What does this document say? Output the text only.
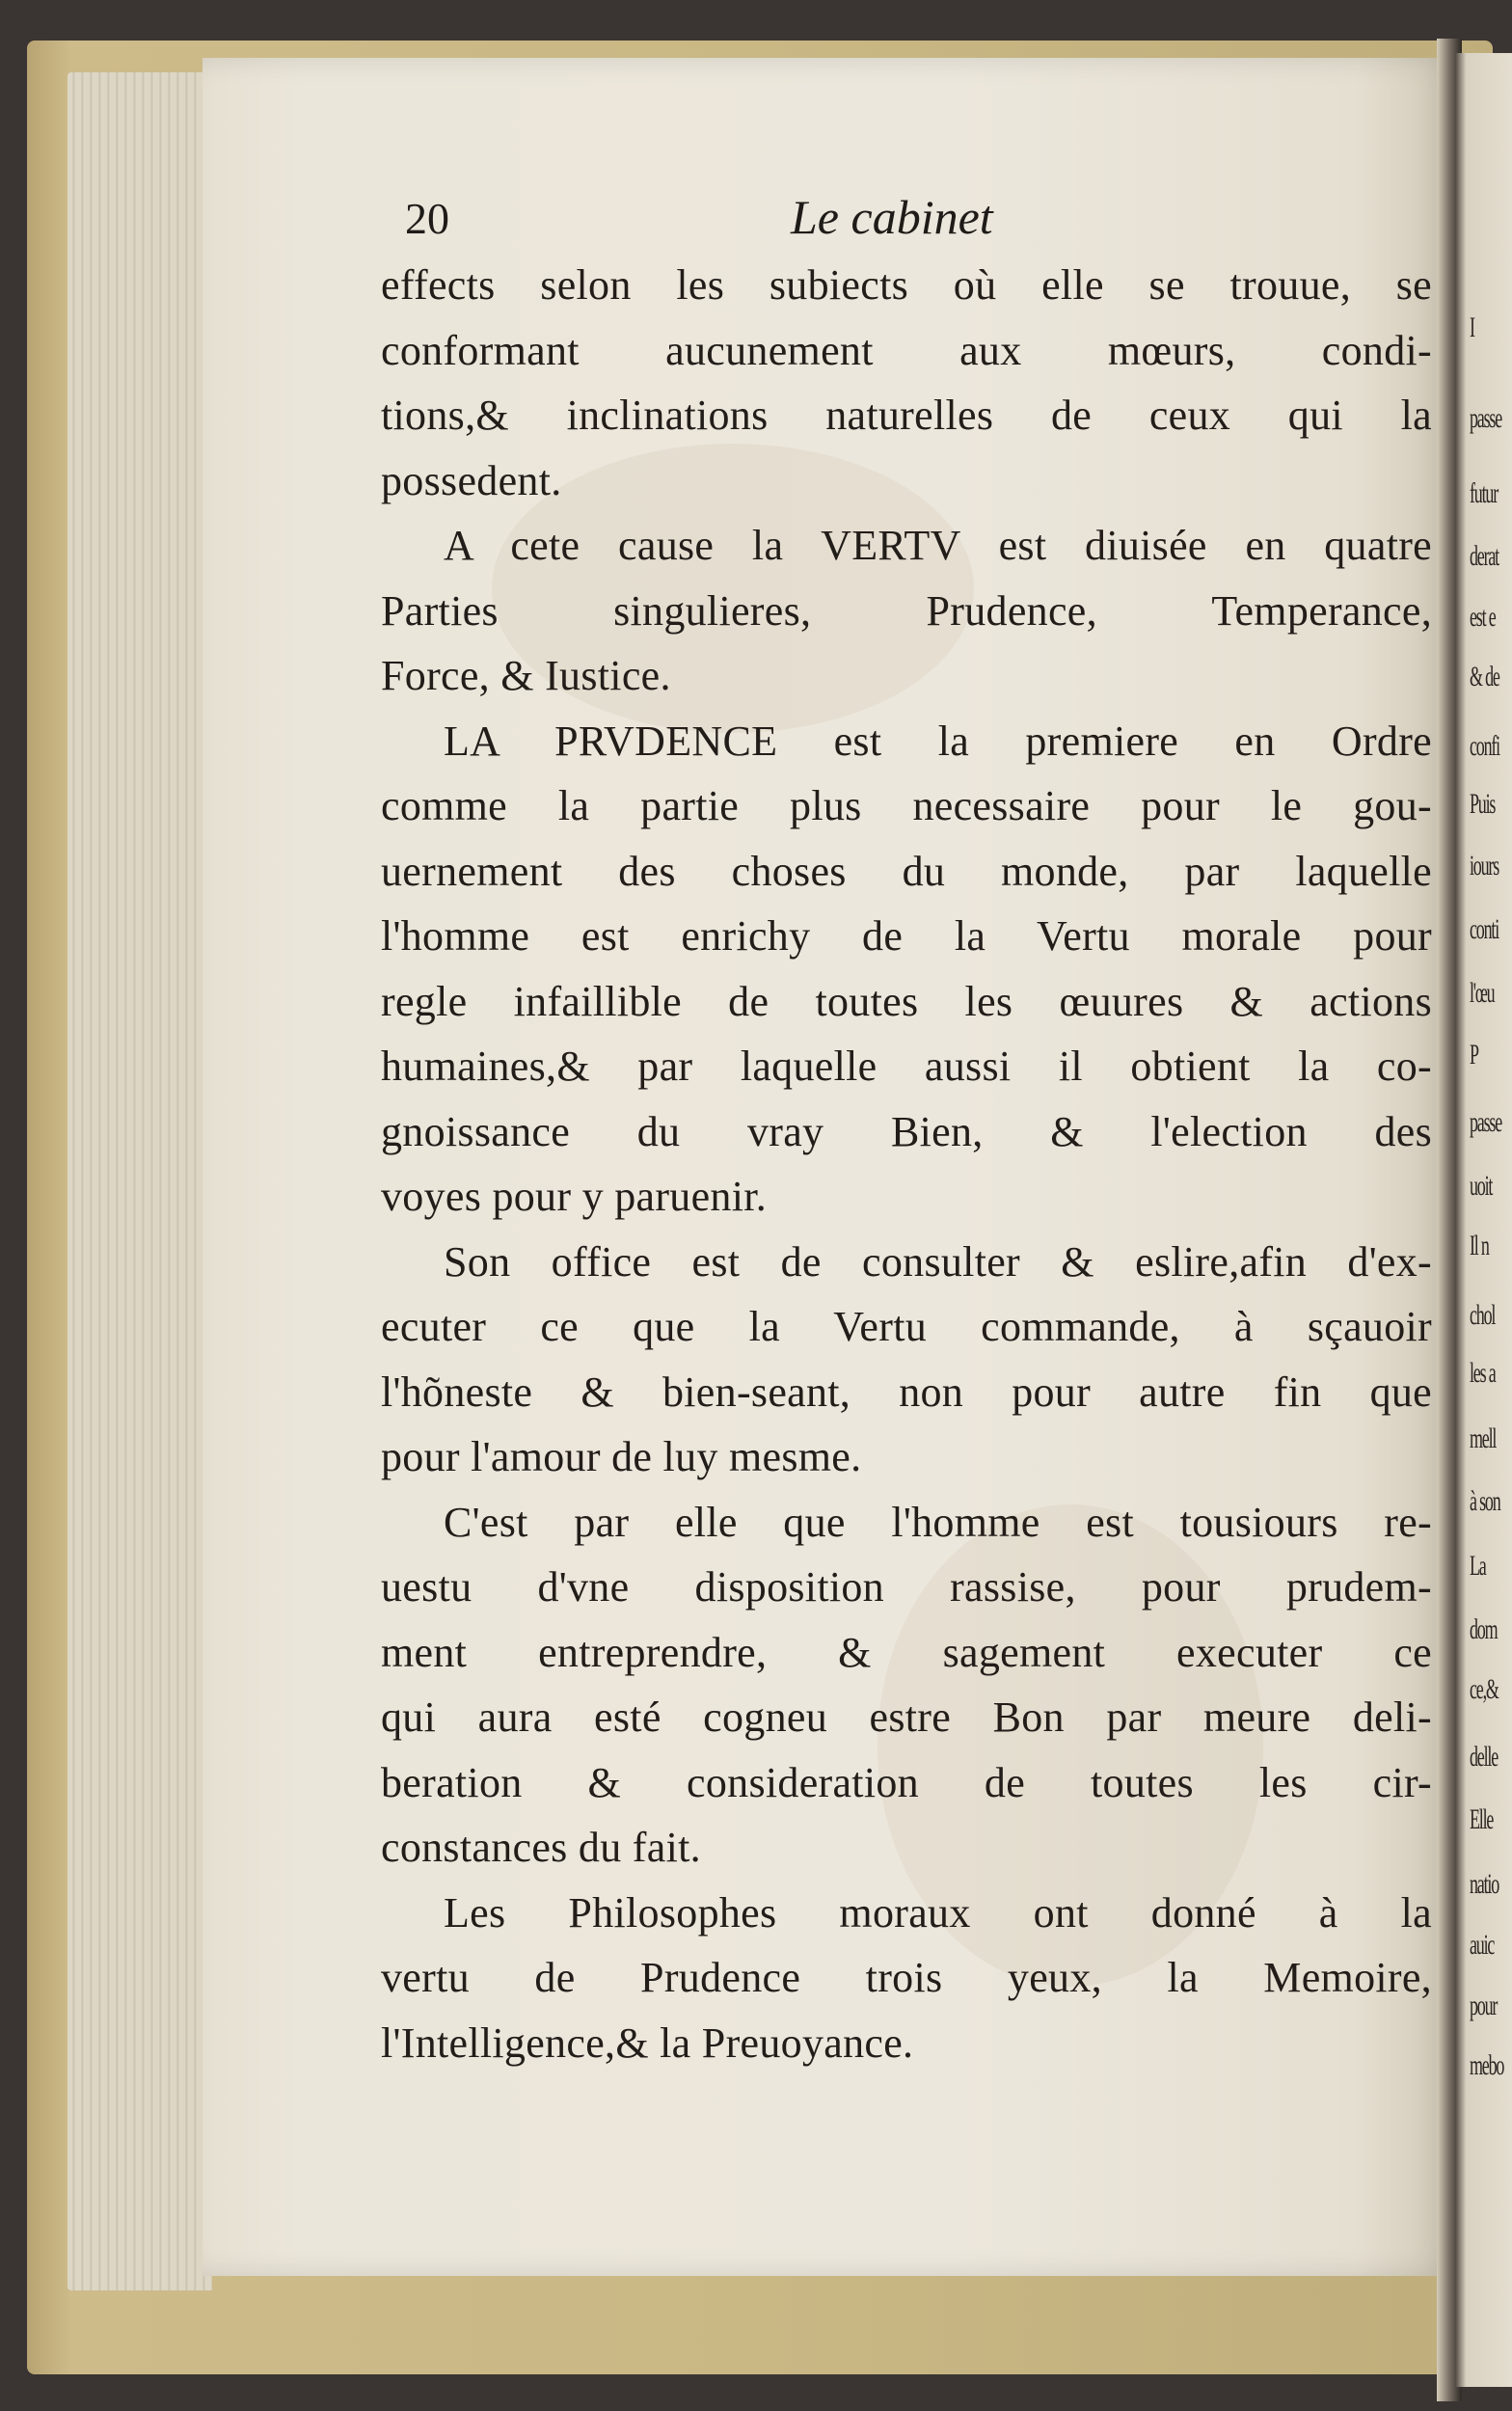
I
passe
futur
derat
est e
& de
confi
Puis
iours
conti
l'œu
P
passe
uoit
Il n
chol
les a
mell
à son
La
dom
ce,&
delle
Elle
natio
auic
pour
mebo
20	Le cabinet
effects selon les subiects où elle se trouue, se
conformant aucunement aux mœurs, condi-
tions,& inclinations naturelles de ceux qui la
possedent.
A cete cause la VERTV est diuisée en quatre
Parties singulieres, Prudence, Temperance,
Force, & Iustice.
LA PRVDENCE est la premiere en Ordre
comme la partie plus necessaire pour le gou-
uernement des choses du monde, par laquelle
l'homme est enrichy de la Vertu morale pour
regle infaillible de toutes les œuures & actions
humaines,& par laquelle aussi il obtient la co-
gnoissance du vray Bien, & l'election des
voyes pour y paruenir.
Son office est de consulter & eslire,afin d'ex-
ecuter ce que la Vertu commande, à sçauoir
l'hõneste & bien-seant, non pour autre fin que
pour l'amour de luy mesme.
C'est par elle que l'homme est tousiours re-
uestu d'vne disposition rassise, pour prudem-
ment entreprendre, & sagement executer ce
qui aura esté cogneu estre Bon par meure deli-
beration & consideration de toutes les cir-
constances du fait.
Les Philosophes moraux ont donné à la
vertu de Prudence trois yeux, la Memoire,
l'Intelligence,& la Preuoyance.
